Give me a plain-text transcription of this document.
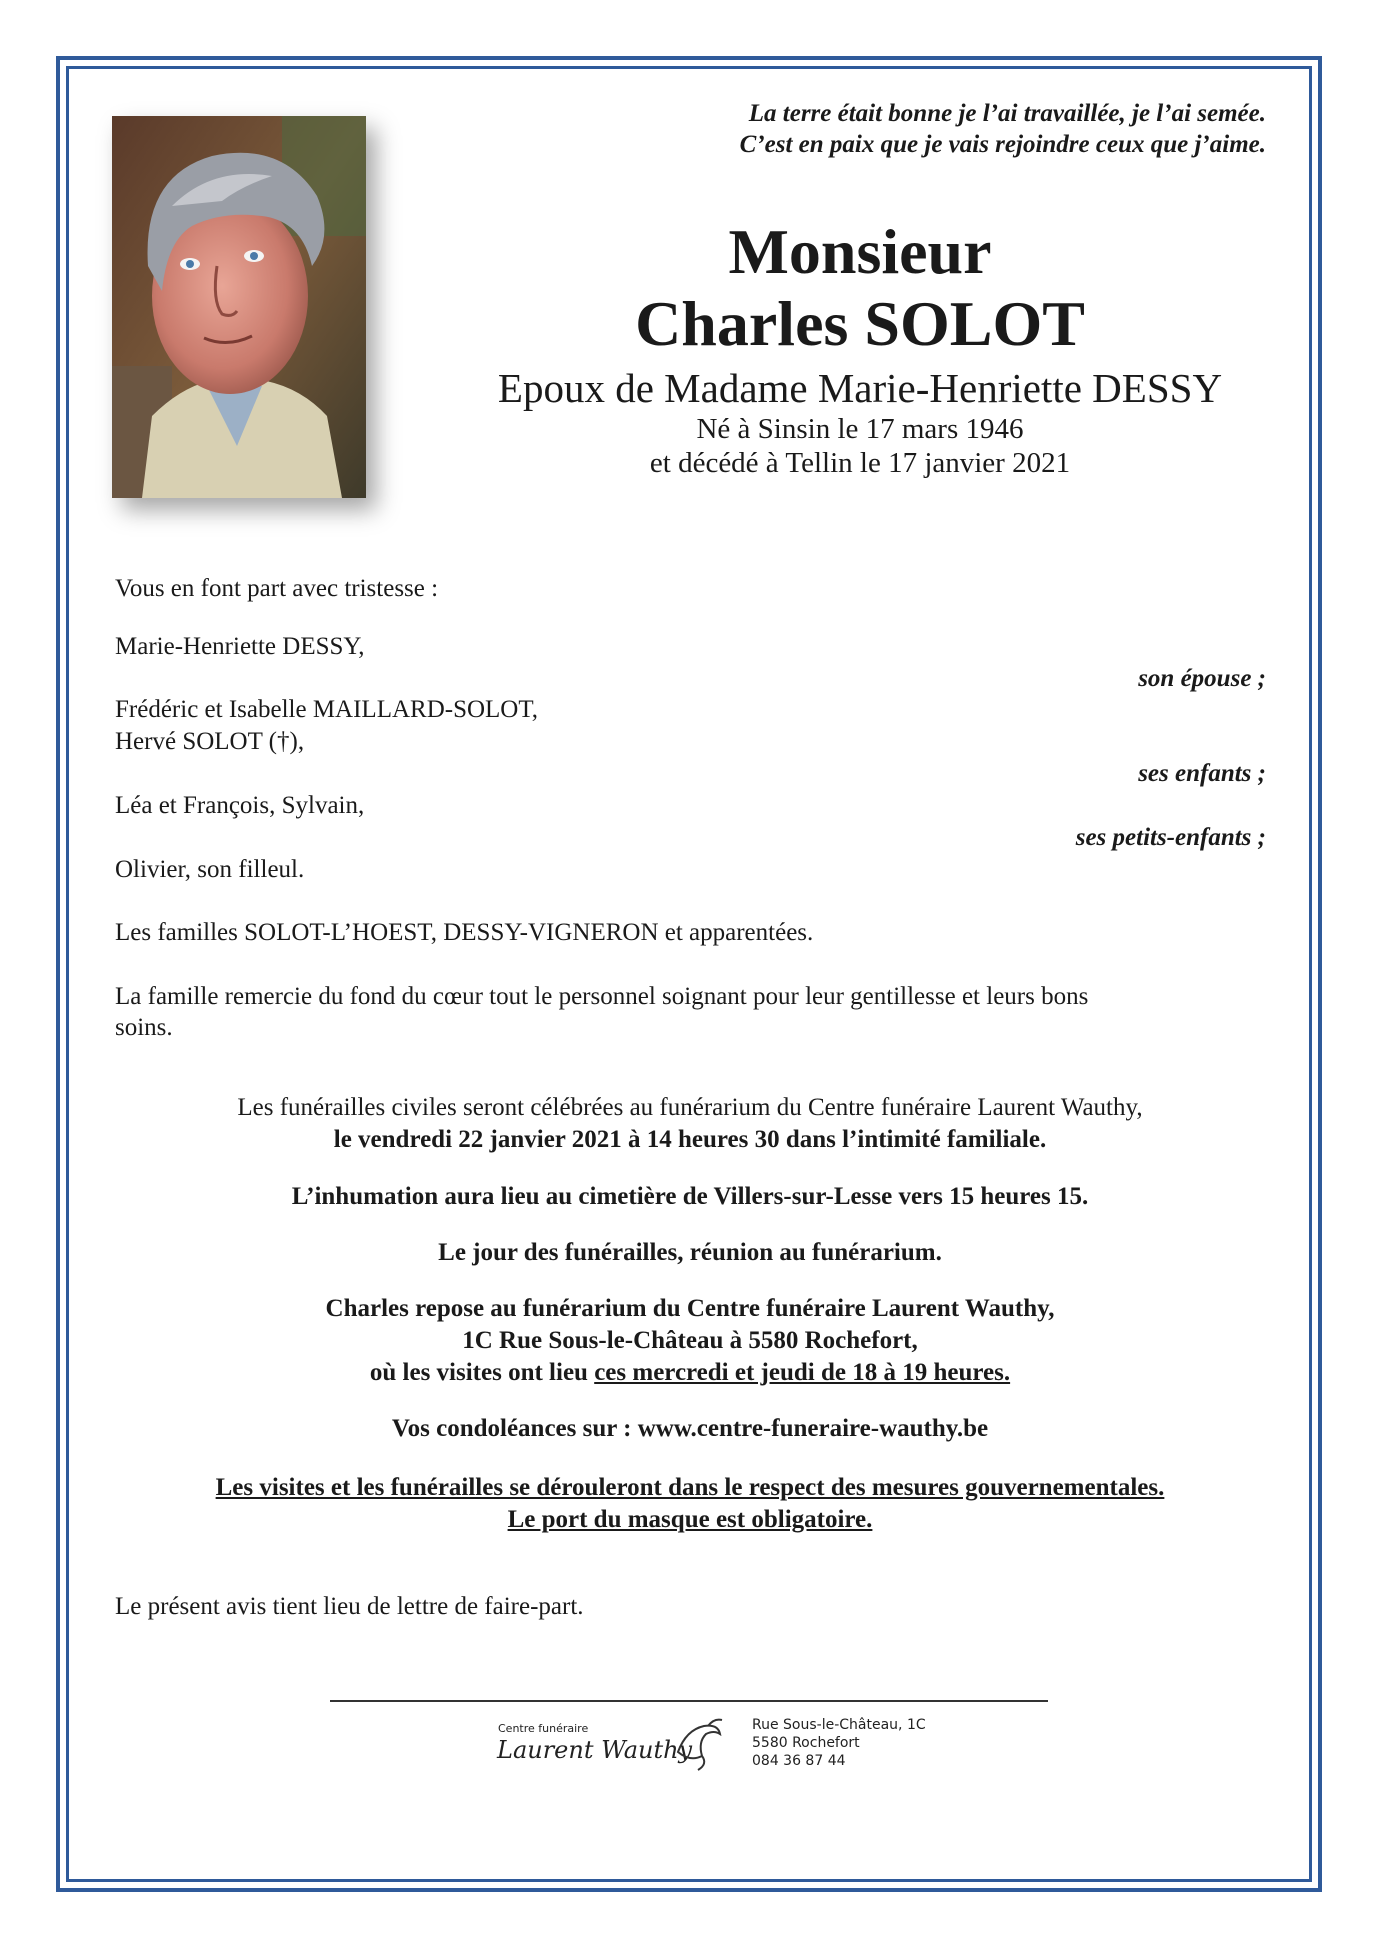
La terre était bonne je l’ai travaillée, je l’ai semée.
C’est en paix que je vais rejoindre ceux que j’aime.
Monsieur
Charles SOLOT
Epoux de Madame Marie-Henriette DESSY
Né à Sinsin le 17 mars 1946
et décédé à Tellin le 17 janvier 2021
Vous en font part avec tristesse :
Marie-Henriette DESSY,
son épouse ;
Frédéric et Isabelle MAILLARD-SOLOT,
Hervé SOLOT (†),
ses enfants ;
Léa et François, Sylvain,
ses petits-enfants ;
Olivier, son filleul.
Les familles SOLOT-L’HOEST, DESSY-VIGNERON et apparentées.
La famille remercie du fond du cœur tout le personnel soignant pour leur gentillesse et leurs bons
soins.
Les funérailles civiles seront célébrées au funérarium du Centre funéraire Laurent Wauthy,
le vendredi 22 janvier 2021 à 14 heures 30 dans l’intimité familiale.
L’inhumation aura lieu au cimetière de Villers-sur-Lesse vers 15 heures 15.
Le jour des funérailles, réunion au funérarium.
Charles repose au funérarium du Centre funéraire Laurent Wauthy,
1C Rue Sous-le-Château à 5580 Rochefort,
où les visites ont lieu ces mercredi et jeudi de 18 à 19 heures.
Vos condoléances sur : www.centre-funeraire-wauthy.be
Les visites et les funérailles se dérouleront dans le respect des mesures gouvernementales.
Le port du masque est obligatoire.
Le présent avis tient lieu de lettre de faire-part.
Centre funéraire
Laurent Wauthy
Rue Sous-le-Château, 1C
5580 Rochefort
084 36 87 44
